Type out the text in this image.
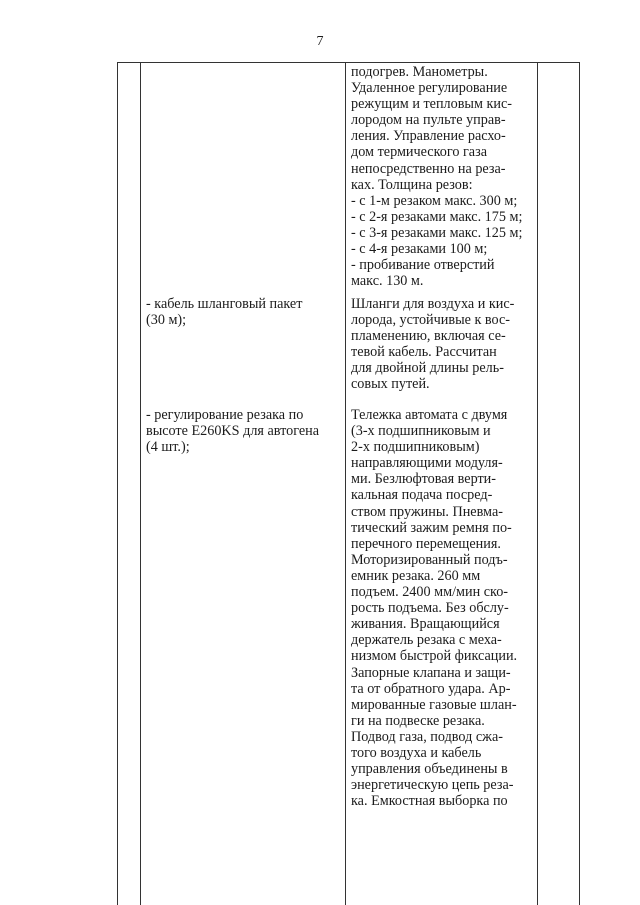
7
подогрев. Манометры.
Удаленное регулирование
режущим и тепловым кис-
лородом на пульте управ-
ления. Управление расхо-
дом термического газа
непосредственно на реза-
ках. Толщина резов:
- с 1-м резаком макс. 300 м;
- с 2-я резаками макс. 175 м;
- с 3-я резаками макс. 125 м;
- с 4-я резаками 100 м;
- пробивание отверстий
макс. 130 м.
- кабель шланговый пакет
(30 м);
Шланги для воздуха и кис-
лорода, устойчивые к вос-
пламенению, включая се-
тевой кабель. Рассчитан
для двойной длины рель-
совых путей.
- регулирование резака по
высоте E260KS для автогена
(4 шт.);
Тележка автомата с двумя
(3-х подшипниковым и
2-х подшипниковым)
направляющими модуля-
ми. Безлюфтовая верти-
кальная подача посред-
ством пружины. Пневма-
тический зажим ремня по-
перечного перемещения.
Моторизированный подъ-
емник резака. 260 мм
подъем. 2400 мм/мин ско-
рость подъема. Без обслу-
живания. Вращающийся
держатель резака с меха-
низмом быстрой фиксации.
Запорные клапана и защи-
та от обратного удара. Ар-
мированные газовые шлан-
ги на подвеске резака.
Подвод газа, подвод сжа-
того воздуха и кабель
управления объединены в
энергетическую цепь реза-
ка. Емкостная выборка по
